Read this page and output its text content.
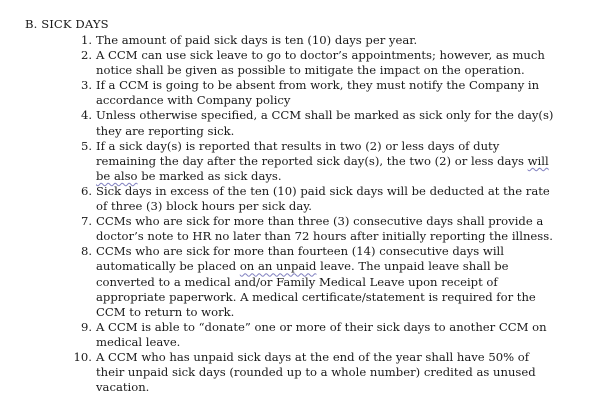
B. SICK DAYS
1. The amount of paid sick days is ten (10) days per year.
2. A CCM can use sick leave to go to doctor’s appointments; however, as much notice shall be given as possible to mitigate the impact on the operation.
3. If a CCM is going to be absent from work, they must notify the Company in accordance with Company policy
4. Unless otherwise specified, a CCM shall be marked as sick only for the day(s) they are reporting sick.
5. If a sick day(s) is reported that results in two (2) or less days of duty remaining the day after the reported sick day(s), the two (2) or less days will be also be marked as sick days.
6. Sick days in excess of the ten (10) paid sick days will be deducted at the rate of three (3) block hours per sick day.
7. CCMs who are sick for more than three (3) consecutive days shall provide a doctor’s note to HR no later than 72 hours after initially reporting the illness.
8. CCMs who are sick for more than fourteen (14) consecutive days will automatically be placed on an unpaid leave. The unpaid leave shall be converted to a medical and/or Family Medical Leave upon receipt of appropriate paperwork. A medical certificate/statement is required for the CCM to return to work.
9. A CCM is able to “donate” one or more of their sick days to another CCM on medical leave.
10. A CCM who has unpaid sick days at the end of the year shall have 50% of their unpaid sick days (rounded up to a whole number) credited as unused vacation.
